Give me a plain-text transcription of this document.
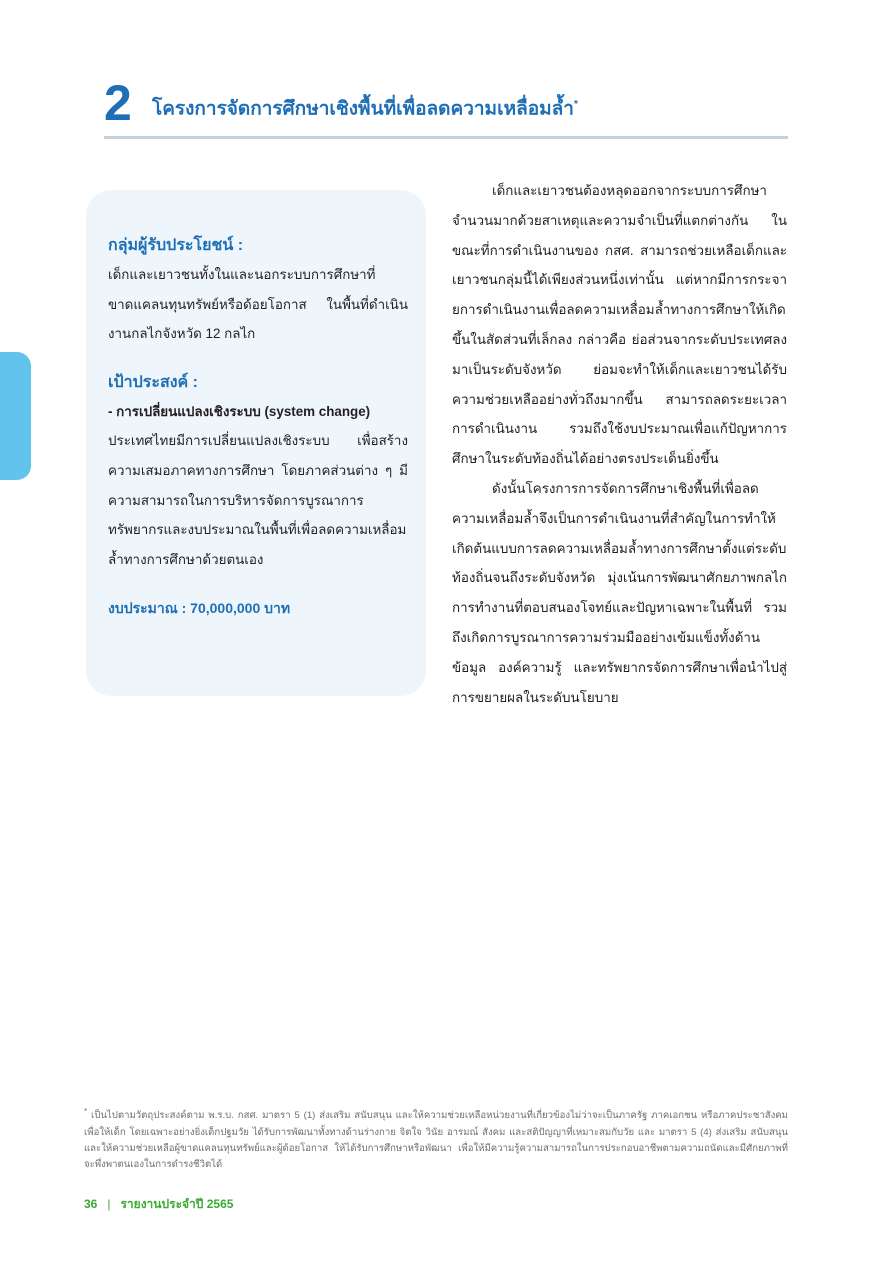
2 โครงการจัดการศึกษาเชิงพื้นที่เพื่อลดความเหลื่อมล้ำ*
กลุ่มผู้รับประโยชน์ :

เด็กและเยาวชนทั้งในและนอกระบบการศึกษาที่ขาดแคลนทุนทรัพย์หรือด้อยโอกาส ในพื้นที่ดำเนินงานกลไกจังหวัด 12 กลไก

เป้าประสงค์ :

- การเปลี่ยนแปลงเชิงระบบ (system change)

ประเทศไทยมีการเปลี่ยนแปลงเชิงระบบ เพื่อสร้างความเสมอภาคทางการศึกษา โดยภาคส่วนต่าง ๆ มีความสามารถในการบริหารจัดการบูรณาการทรัพยากรและงบประมาณในพื้นที่เพื่อลดความเหลื่อมล้ำทางการศึกษาด้วยตนเอง

งบประมาณ : 70,000,000 บาท

เด็กและเยาวชนต้องหลุดออกจากระบบการศึกษาจำนวนมากด้วยสาเหตุและความจำเป็นที่แตกต่างกัน ในขณะที่การดำเนินงานของ กสศ. สามารถช่วยเหลือเด็กและเยาวชนกลุ่มนี้ได้เพียงส่วนหนึ่งเท่านั้น แต่หากมีการกระจายการดำเนินงานเพื่อลดความเหลื่อมล้ำทางการศึกษาให้เกิดขึ้นในสัดส่วนที่เล็กลง กล่าวคือ ย่อส่วนจากระดับประเทศลงมาเป็นระดับจังหวัด ย่อมจะทำให้เด็กและเยาวชนได้รับความช่วยเหลืออย่างทั่วถึงมากขึ้น สามารถลดระยะเวลาการดำเนินงาน รวมถึงใช้งบประมาณเพื่อแก้ปัญหาการศึกษาในระดับท้องถิ่นได้อย่างตรงประเด็นยิ่งขึ้น

ดังนั้นโครงการการจัดการศึกษาเชิงพื้นที่เพื่อลดความเหลื่อมล้ำจึงเป็นการดำเนินงานที่สำคัญในการทำให้เกิดต้นแบบการลดความเหลื่อมล้ำทางการศึกษาตั้งแต่ระดับท้องถิ่นจนถึงระดับจังหวัด มุ่งเน้นการพัฒนาศักยภาพกลไกการทำงานที่ตอบสนองโจทย์และปัญหาเฉพาะในพื้นที่ รวมถึงเกิดการบูรณาการความร่วมมืออย่างเข้มแข็งทั้งด้านข้อมูล องค์ความรู้ และทรัพยากรจัดการศึกษาเพื่อนำไปสู่การขยายผลในระดับนโยบาย

* เป็นไปตามวัตถุประสงค์ตาม พ.ร.บ. กสศ. มาตรา 5 (1) ส่งเสริม สนับสนุน และให้ความช่วยเหลือหน่วยงานที่เกี่ยวข้องไม่ว่าจะเป็นภาครัฐ ภาคเอกชน หรือภาคประชาสังคม เพื่อให้เด็ก โดยเฉพาะอย่างยิ่งเด็กปฐมวัย ได้รับการพัฒนาทั้งทางด้านร่างกาย จิตใจ วินัย อารมณ์ สังคม และสติปัญญาที่เหมาะสมกับวัย และ มาตรา 5 (4) ส่งเสริม สนับสนุน และให้ความช่วยเหลือผู้ขาดแคลนทุนทรัพย์และผู้ด้อยโอกาส ให้ได้รับการศึกษาหรือพัฒนา เพื่อให้มีความรู้ความสามารถในการประกอบอาชีพตามความถนัดและมีศักยภาพที่จะพึ่งพาตนเองในการดำรงชีวิตได้
36 | รายงานประจำปี 2565
